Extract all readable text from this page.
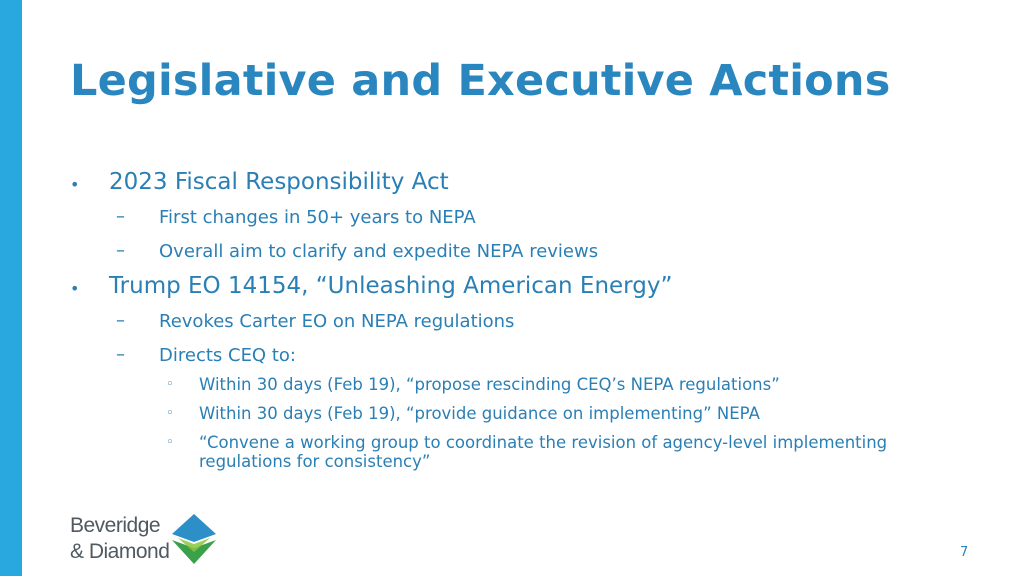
Legislative and Executive Actions
• 2023 Fiscal Responsibility Act
– First changes in 50+ years to NEPA
– Overall aim to clarify and expedite NEPA reviews
• Trump EO 14154, “Unleashing American Energy”
– Revokes Carter EO on NEPA regulations
– Directs CEQ to:
◦ Within 30 days (Feb 19), “propose rescinding CEQ’s NEPA regulations”
◦ Within 30 days (Feb 19), “provide guidance on implementing” NEPA
◦ “Convene a working group to coordinate the revision of agency-level implementing regulations for consistency”
Beveridge
& Diamond	7
